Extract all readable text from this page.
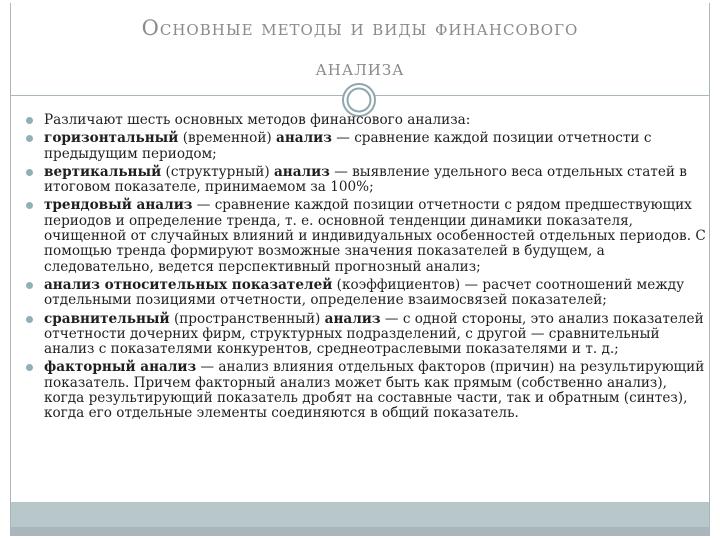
Основные методы и виды финансового
анализа
Различают шесть основных методов финансового анализа:
горизонтальный (временной) анализ — сравнение каждой позиции отчетности с предыдущим периодом;
вертикальный (структурный) анализ — выявление удельного веса отдельных статей в итоговом показателе, принимаемом за 100%;
трендовый анализ — сравнение каждой позиции отчетности с рядом предшествующих периодов и определение тренда, т. е. основной тенденции динамики показателя, очищенной от случайных влияний и индивидуальных особенностей отдельных периодов. С помощью тренда формируют возможные значения показателей в будущем, а следовательно, ведется перспективный прогнозный анализ;
анализ относительных показателей (коэффициентов) — расчет соотношений между отдельными позициями отчетности, определение взаимосвязей показателей;
сравнительный (пространственный) анализ — с одной стороны, это анализ показателей отчетности дочерних фирм, структурных подразделений, с другой — сравнительный анализ с показателями конкурентов, среднеотраслевыми показателями и т. д.;
факторный анализ — анализ влияния отдельных факторов (причин) на результирующий показатель. Причем факторный анализ может быть как прямым (собственно анализ), когда результирующий показатель дробят на составные части, так и обратным (синтез), когда его отдельные элементы соединяются в общий показатель.
